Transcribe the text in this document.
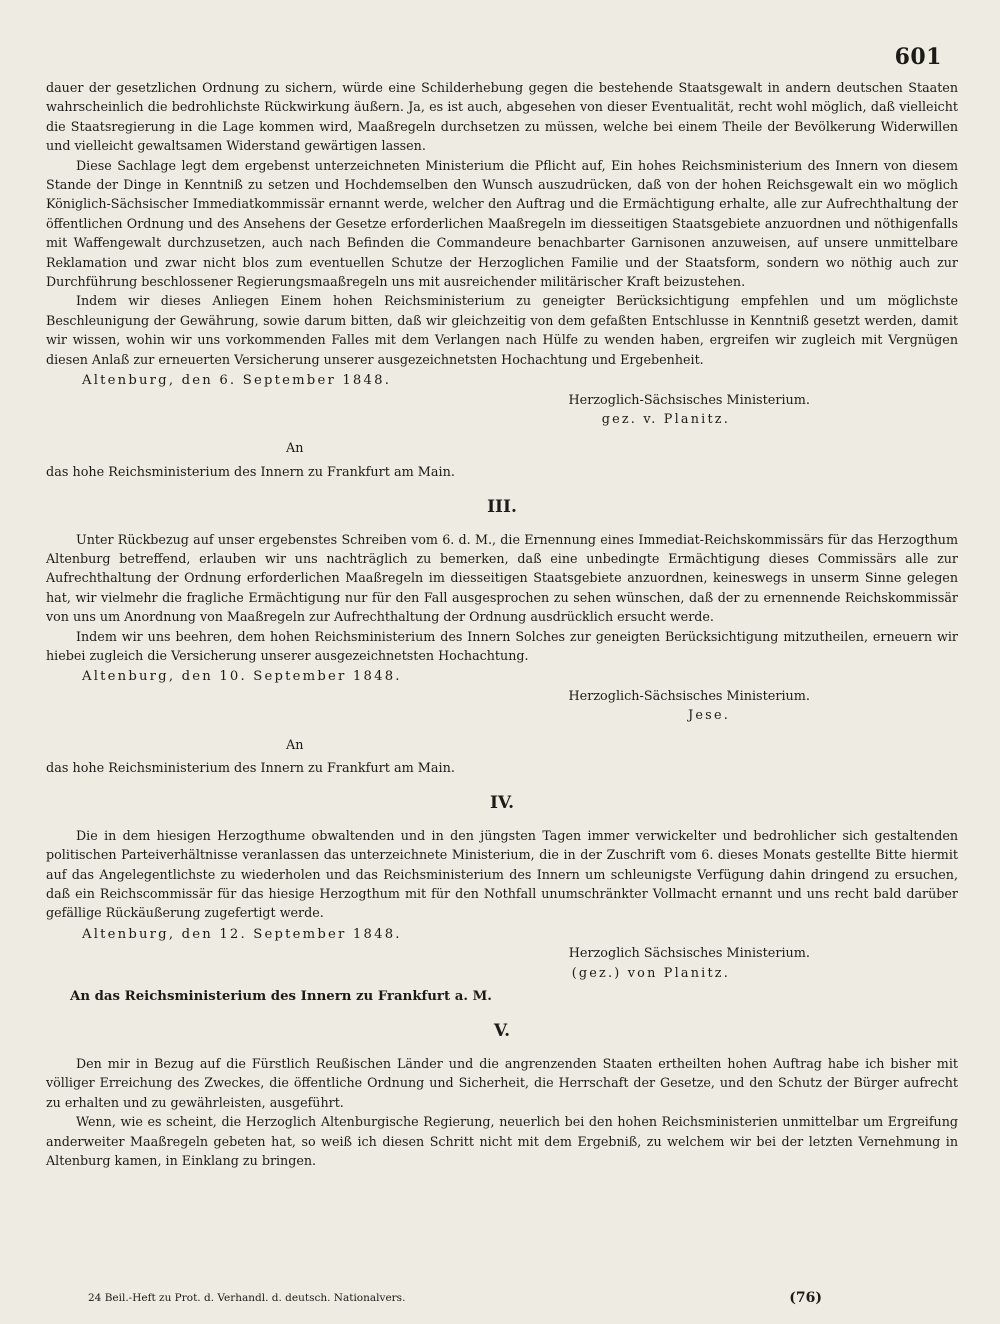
601

dauer der gesetzlichen Ordnung zu sichern, würde eine Schilderhebung gegen die bestehende Staatsgewalt in andern deutschen Staaten wahrscheinlich die bedrohlichste Rückwirkung äußern. Ja, es ist auch, abgesehen von dieser Eventualität, recht wohl möglich, daß vielleicht die Staatsregierung in die Lage kommen wird, Maaßregeln durchsetzen zu müssen, welche bei einem Theile der Bevölkerung Widerwillen und vielleicht gewaltsamen Widerstand gewärtigen lassen.

Diese Sachlage legt dem ergebenst unterzeichneten Ministerium die Pflicht auf, Ein hohes Reichsministerium des Innern von diesem Stande der Dinge in Kenntniß zu setzen und Hochdemselben den Wunsch auszudrücken, daß von der hohen Reichsgewalt ein wo möglich Königlich-Sächsischer Immediatkommissär ernannt werde, welcher den Auftrag und die Ermächtigung erhalte, alle zur Aufrechthaltung der öffentlichen Ordnung und des Ansehens der Gesetze erforderlichen Maaßregeln im diesseitigen Staatsgebiete anzuordnen und nöthigenfalls mit Waffengewalt durchzusetzen, auch nach Befinden die Commandeure benachbarter Garnisonen anzuweisen, auf unsere unmittelbare Reklamation und zwar nicht blos zum eventuellen Schutze der Herzoglichen Familie und der Staatsform, sondern wo nöthig auch zur Durchführung beschlossener Regierungsmaaßregeln uns mit ausreichender militärischer Kraft beizustehen.

Indem wir dieses Anliegen Einem hohen Reichsministerium zu geneigter Berücksichtigung empfehlen und um möglichste Beschleunigung der Gewährung, sowie darum bitten, daß wir gleichzeitig von dem gefaßten Entschlusse in Kenntniß gesetzt werden, damit wir wissen, wohin wir uns vorkommenden Falles mit dem Verlangen nach Hülfe zu wenden haben, ergreifen wir zugleich mit Vergnügen diesen Anlaß zur erneuerten Versicherung unserer ausgezeichnetsten Hochachtung und Ergebenheit.

Altenburg, den 6. September 1848.

Herzoglich-Sächsisches Ministerium.
gez. v. Planitz.
An
das hohe Reichsministerium des Innern zu Frankfurt am Main.
III.

Unter Rückbezug auf unser ergebenstes Schreiben vom 6. d. M., die Ernennung eines Immediat-Reichskommissärs für das Herzogthum Altenburg betreffend, erlauben wir uns nachträglich zu bemerken, daß eine unbedingte Ermächtigung dieses Commissärs alle zur Aufrechthaltung der Ordnung erforderlichen Maaßregeln im diesseitigen Staatsgebiete anzuordnen, keineswegs in unserm Sinne gelegen hat, wir vielmehr die fragliche Ermächtigung nur für den Fall ausgesprochen zu sehen wünschen, daß der zu ernennende Reichskommissär von uns um Anordnung von Maaßregeln zur Aufrechthaltung der Ordnung ausdrücklich ersucht werde.

Indem wir uns beehren, dem hohen Reichsministerium des Innern Solches zur geneigten Berücksichtigung mitzutheilen, erneuern wir hiebei zugleich die Versicherung unserer ausgezeichnetsten Hochachtung.

Altenburg, den 10. September 1848.

Herzoglich-Sächsisches Ministerium.
Jese.
An
das hohe Reichsministerium des Innern zu Frankfurt am Main.
IV.

Die in dem hiesigen Herzogthume obwaltenden und in den jüngsten Tagen immer verwickelter und bedrohlicher sich gestaltenden politischen Parteiverhältnisse veranlassen das unterzeichnete Ministerium, die in der Zuschrift vom 6. dieses Monats gestellte Bitte hiermit auf das Angelegentlichste zu wiederholen und das Reichsministerium des Innern um schleunigste Verfügung dahin dringend zu ersuchen, daß ein Reichscommissär für das hiesige Herzogthum mit für den Nothfall unumschränkter Vollmacht ernannt und uns recht bald darüber gefällige Rückäußerung zugefertigt werde.

Altenburg, den 12. September 1848.

Herzoglich Sächsisches Ministerium.
(gez.) von Planitz.
An das Reichsministerium des Innern zu Frankfurt a. M.
V.

Den mir in Bezug auf die Fürstlich Reußischen Länder und die angrenzenden Staaten ertheilten hohen Auftrag habe ich bisher mit völliger Erreichung des Zweckes, die öffentliche Ordnung und Sicherheit, die Herrschaft der Gesetze, und den Schutz der Bürger aufrecht zu erhalten und zu gewährleisten, ausgeführt.

Wenn, wie es scheint, die Herzoglich Altenburgische Regierung, neuerlich bei den hohen Reichsministerien unmittelbar um Ergreifung anderweiter Maaßregeln gebeten hat, so weiß ich diesen Schritt nicht mit dem Ergebniß, zu welchem wir bei der letzten Vernehmung in Altenburg kamen, in Einklang zu bringen.

24 Beil.-Heft zu Prot. d. Verhandl. d. deutsch. Nationalvers.	(76)
